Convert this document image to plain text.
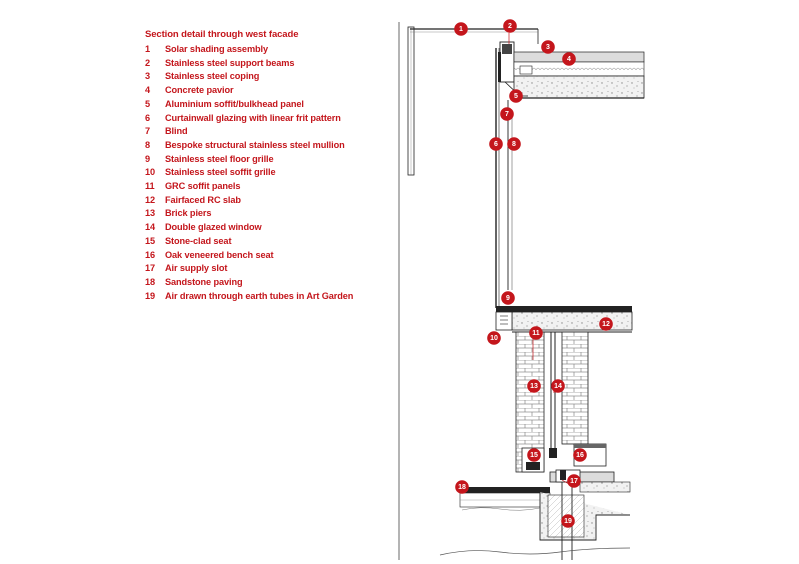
Section detail through west facade
1	Solar shading assembly
2	Stainless steel support beams
3	Stainless steel coping
4	Concrete pavior
5	Aluminium soffit/bulkhead panel
6	Curtainwall glazing with linear frit pattern
7	Blind
8	Bespoke structural stainless steel mullion
9	Stainless steel floor grille
10	Stainless steel soffit grille
11	GRC soffit panels
12	Fairfaced RC slab
13	Brick piers
14	Double glazed window
15	Stone-clad seat
16	Oak veneered bench seat
17	Air supply slot
18	Sandstone paving
19	Air drawn through earth tubes in Art Garden
1	2
3
4
5
7
6 8
9
10
11
12
13 14
15	16
17
18
19
